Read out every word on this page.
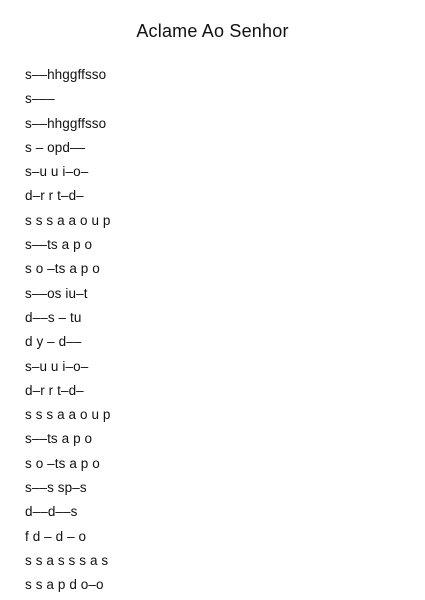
Aclame Ao Senhor
s––hhggffsso
s–––
s––hhggffsso
s – opd––
s–u u i–o–
d–r r t–d–
s s s a a o u p
s––ts a p o
s o –ts a p o
s––os iu–t
d––s – tu
d y – d––
s–u u i–o–
d–r r t–d–
s s s a a o u p
s––ts a p o
s o –ts a p o
s––s sp–s
d––d––s
f d – d – o
s s a s s s a s
s s a p d o–o
